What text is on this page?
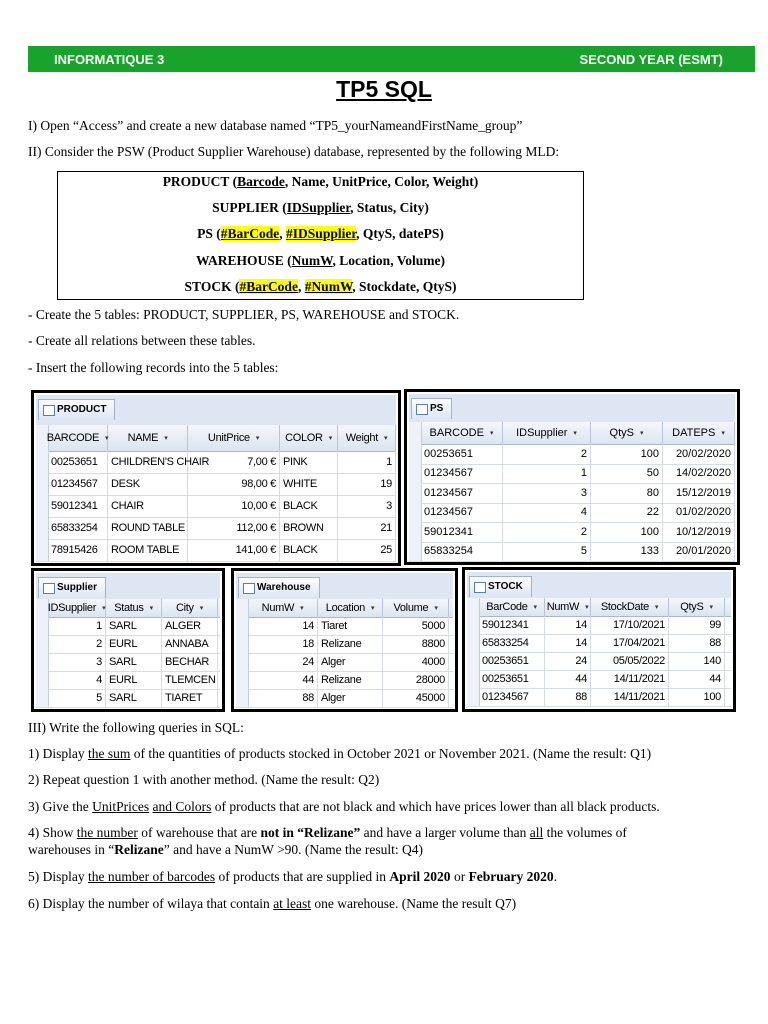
INFORMATIQUE 3	SECOND YEAR (ESMT)
TP5 SQL
I) Open “Access” and create a new database named “TP5_yourNameandFirstName_group”
II) Consider the PSW (Product Supplier Warehouse) database, represented by the following MLD:
PRODUCT (Barcode, Name, UnitPrice, Color, Weight)
SUPPLIER (IDSupplier, Status, City)
PS (#BarCode, #IDSupplier, QtyS, datePS)
WAREHOUSE (NumW, Location, Volume)
STOCK (#BarCode, #NumW, Stockdate, QtyS)
- Create the 5 tables: PRODUCT, SUPPLIER, PS, WAREHOUSE and STOCK.
- Create all relations between these tables.
- Insert the following records into the 5 tables:
PRODUCT
BARCODE ▾ NAME ▾	UnitPrice ▾ COLOR ▾ Weight ▾
00253651	CHILDREN'S CHAIR	7,00 € PINK	1
01234567	DESK	98,00 € WHITE	19
59012341	CHAIR	10,00 € BLACK	3
65833254	ROUND TABLE	112,00 € BROWN	21
78915426	ROOM TABLE	141,00 € BLACK	25
PS
BARCODE ▾ IDSupplier ▾	QtyS ▾	DATEPS ▾
00253651	2	100	20/02/2020
01234567	1	50	14/02/2020
01234567	3	80	15/12/2019
01234567	4	22	01/02/2020
59012341	2	100	10/12/2019
65833254	5	133	20/01/2020
Supplier
IDSupplier ▾ Status ▾ City ▾
1 SARL	ALGER
2 EURL	ANNABA
3 SARL	BECHAR
4 EURL	TLEMCEN
5 SARL	TIARET
Warehouse
NumW ▾ Location ▾ Volume ▾
14 Tiaret	5000
18 Relizane	8800
24 Alger	4000
44 Relizane	28000
88 Alger	45000
STOCK
BarCode ▾ NumW ▾ StockDate ▾ QtyS ▾
59012341	14	17/10/2021	99
65833254	14	17/04/2021	88
00253651	24	05/05/2022	140
00253651	44	14/11/2021	44
01234567	88	14/11/2021	100
III) Write the following queries in SQL:
1) Display the sum of the quantities of products stocked in October 2021 or November 2021. (Name the result: Q1)
2) Repeat question 1 with another method. (Name the result: Q2)
3) Give the UnitPrices and Colors of products that are not black and which have prices lower than all black products.
4) Show the number of warehouse that are not in “Relizane” and have a larger volume than all the volumes of
warehouses in “Relizane” and have a NumW >90. (Name the result: Q4)
5) Display the number of barcodes of products that are supplied in April 2020 or February 2020.
6) Display the number of wilaya that contain at least one warehouse. (Name the result Q7)
